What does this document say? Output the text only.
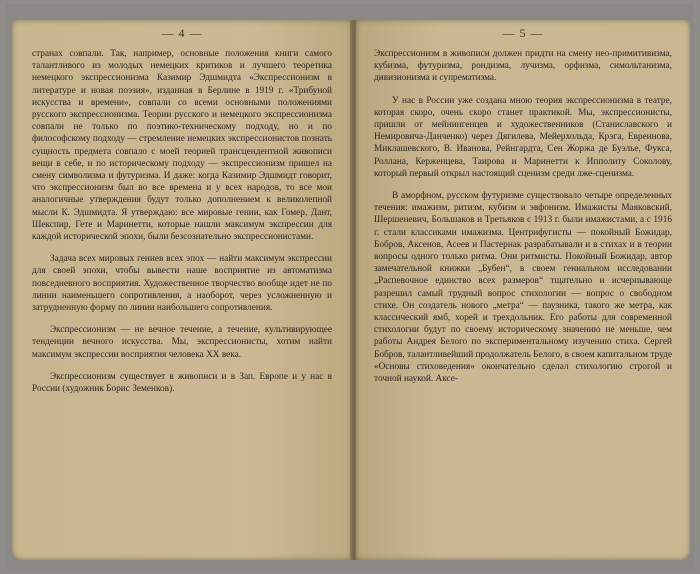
— 4 —

странах совпали. Так, например, основные положения книги самого талантливого из молодых немецких критиков и лучшего теоретика немецкого экспрессионизма Казимир Эдшмидта «Экспрессионизм в литературе и новая поэзия», изданная в Берлине в 1919 г. «Трибуной искусства и времени», совпали со всеми основными положениями русского экспрессионизма. Теории русского и немецкого экспрессионизма совпали не только по поэтико-техническому подходу, но и по философскому подходу — стремление немецких экспрессионистов познать сущность предмета совпало с моей теорией трансцендентной живописи вещи в себе, и по историческому подходу — экспрессионизм пришел на смену символизма и футуризма. И даже: когда Казимир Эдшмидт говорит, что экспрессионизм был во все времена и у всех народов, то все мои аналогичные утверждения будут только дополнением к великолепной мысли К. Эдшмидта. Я утверждаю: все мировые гении, как Гомер, Дант, Шекспир, Гете и Маринетти, которые нашли максимум экспрессии для каждой исторической эпохи, были безсознательно экспрессионистами.

Задача всех мировых гениев всех эпох — найти максимум экспрессии для своей эпохи, чтобы вывести наше восприятие из автоматизма повседневного восприятия. Художественное творчество вообще идет не по линии наименьшего сопротивления, а наоборот, через усложненную и затрудненную форму по линии наибольшего сопротивления.

Экспрессионизм — не вечное течение, а течение, культивирующее тенденции вечного искусства. Мы, экспрессионисты, хотим найти максимум экспрессии восприятия человека XX века.

Экспрессионизм существует в живописи и в Зап. Европе и у нас в России (художник Борис Земенков).

— 5 —

Экспрессионизм в живописи должен придти на смену нео-примитивизма, кубизма, футуризма, рондизма, лучизма, орфизма, симольтанизма, дивизионизма и супрематизма.

У нас в России уже создана мною теория экспрессионизма в театре, которая скоро, очень скоро станет практикой. Мы, экспрессионисты, пришли от мейнингенцев и художественников (Станиславского и Немировича-Данченко) через Дягилева, Мейерхольда, Крэга, Евреинова, Миклашевского, В. Иванова, Рейнгардта, Сен Жоржа де Буэлье, Фукса, Роллана, Керженцева, Таирова и Маринетти к Ипполиту Соколову, который первый открыл настоящий сценизм среди лже-сценизма.

В аморфном, русском футуризме существовало четыре определенных течения: имажизм, ритизм, кубизм и эвфонизм. Имажисты Маяковский, Шершеневич, Большаков и Третьяков с 1913 г. были имажистами, а с 1916 г. стали классиками имажизма. Центрифугисты — покойный Божидар, Бобров, Аксенов, Асеев и Пастернак разрабатывали и в стихах и в теории вопросы одного только ритма. Они ритмисты. Покойный Божидар, автор замечательной книжки „Бубен“, в своем гениальном исследовании „Распевочное единство всех размеров“ тщательно и исчерпывающе разрешил самый трудный вопрос стихологии — вопрос о свободном стихе. Он создатель нового „метра“ — паузника, такого же метра, как классический ямб, хорей и трехдольник. Его работы для современной стихологии будут по своему историческому значению не меньше, чем работы Андрея Белого по экспериментальному изучению стиха. Сергей Бобров, талантливейший продолжатель Белого, в своем капитальном труде «Основы стиховедения» окончательно сделал стихологию строгой и точной наукой. Аксе-
